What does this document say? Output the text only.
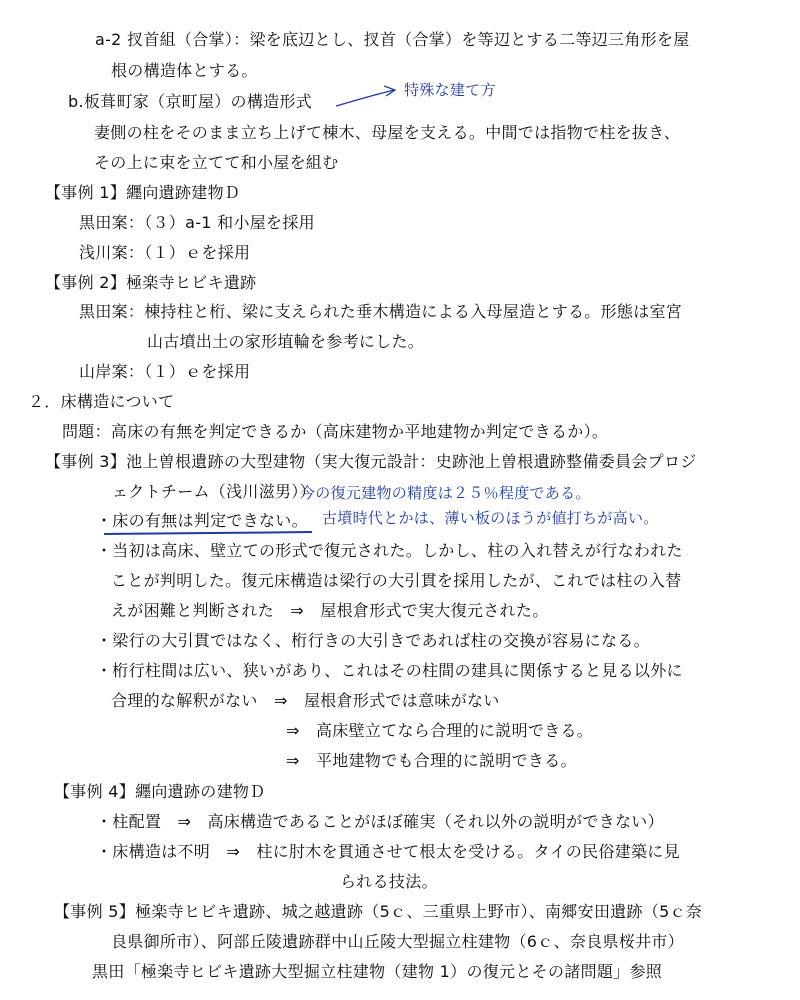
a-2 扠首組（合掌）：梁を底辺とし、扠首（合掌）を等辺とする二等辺三角形を屋
根の構造体とする。
b.板葺町家（京町屋）の構造形式
妻側の柱をそのまま立ち上げて棟木、母屋を支える。中間では指物で柱を抜き、
その上に束を立てて和小屋を組む
【事例 1】纒向遺跡建物Ｄ
黒田案：（３）a-1 和小屋を採用
浅川案：（１）ｅを採用
【事例 2】極楽寺ヒビキ遺跡
黒田案：棟持柱と桁、梁に支えられた垂木構造による入母屋造とする。形態は室宮
山古墳出土の家形埴輪を参考にした。
山岸案：（１）ｅを採用
２．床構造について
問題：高床の有無を判定できるか（高床建物か平地建物か判定できるか）。
【事例 3】池上曽根遺跡の大型建物（実大復元設計：史跡池上曽根遺跡整備委員会プロジ
ェクトチーム（浅川滋男））
今の復元建物の精度は２５％程度である。
・床の有無は判定できない。 古墳時代とかは、薄い板のほうが値打ちが高い。
・当初は高床、壁立ての形式で復元された。しかし、柱の入れ替えが行なわれた
ことが判明した。復元床構造は梁行の大引貫を採用したが、これでは柱の入替
えが困難と判断された　⇒　屋根倉形式で実大復元された。
・梁行の大引貫ではなく、桁行きの大引きであれば柱の交換が容易になる。
・桁行柱間は広い、狭いがあり、これはその柱間の建具に関係すると見る以外に
合理的な解釈がない　⇒　屋根倉形式では意味がない
⇒　高床壁立てなら合理的に説明できる。
⇒　平地建物でも合理的に説明できる。
【事例 4】纒向遺跡の建物Ｄ
・柱配置　⇒　高床構造であることがほぼ確実（それ以外の説明ができない）
・床構造は不明　⇒　柱に肘木を貫通させて根太を受ける。タイの民俗建築に見
られる技法。
【事例 5】極楽寺ヒビキ遺跡、城之越遺跡（5ｃ、三重県上野市）、南郷安田遺跡（5ｃ奈
良県御所市）、阿部丘陵遺跡群中山丘陵大型掘立柱建物（6ｃ、奈良県桜井市）
黒田「極楽寺ヒビキ遺跡大型掘立柱建物（建物 1）の復元とその諸問題」参照
特殊な建て方
